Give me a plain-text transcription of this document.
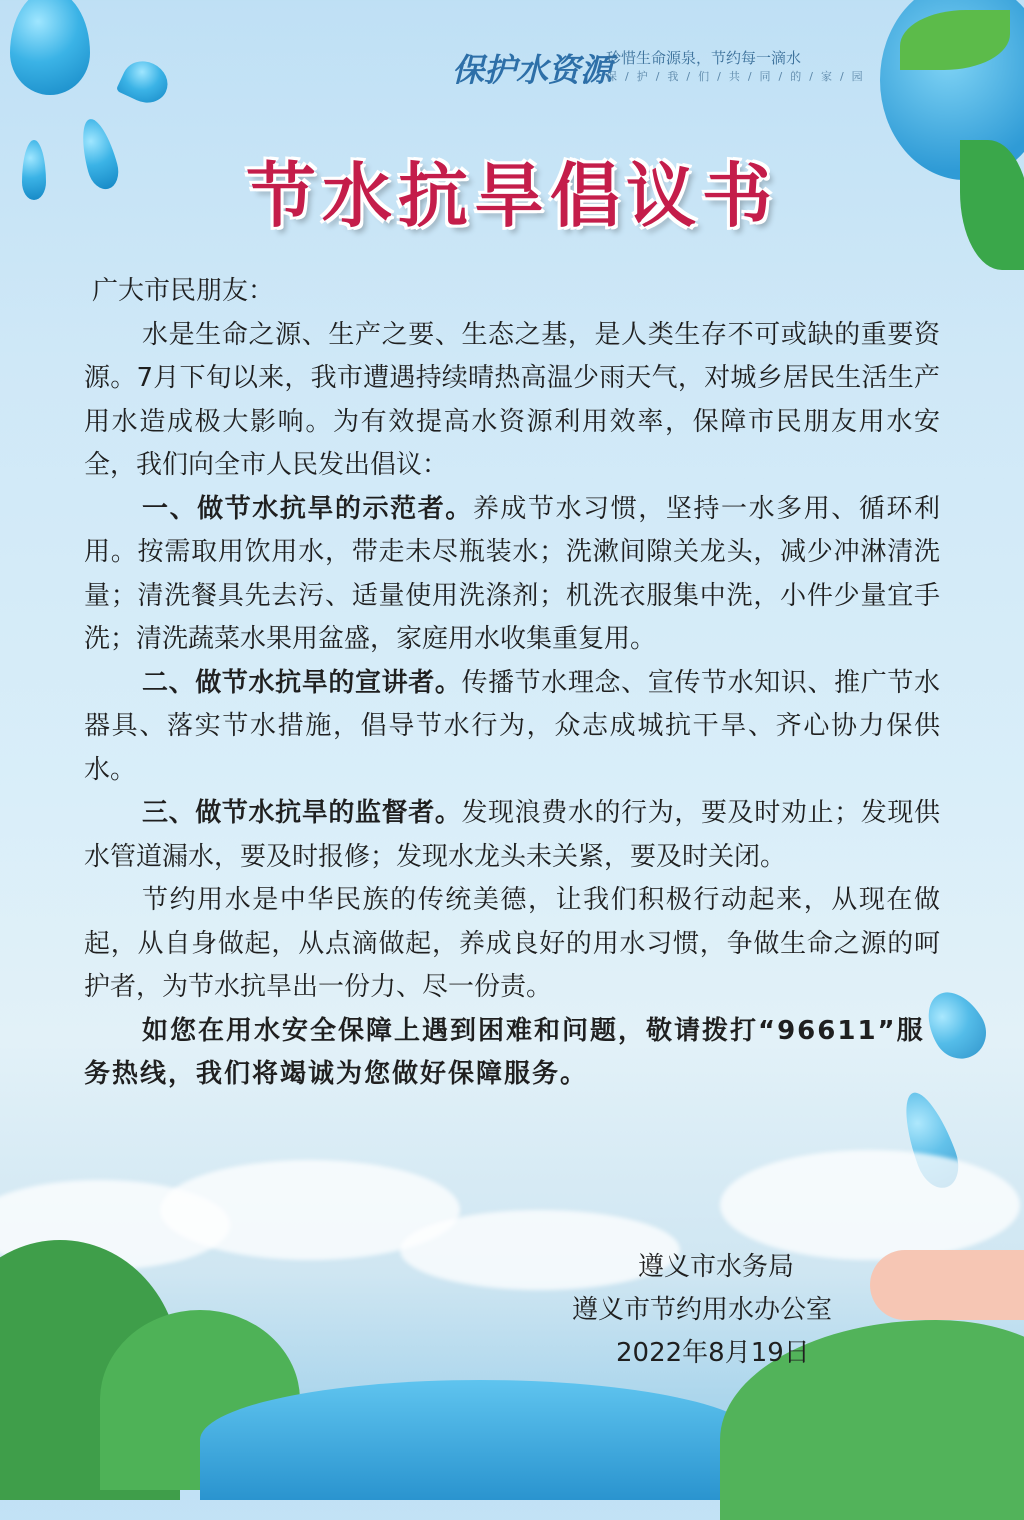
保护水资源
珍惜生命源泉，节约每一滴水
保/护/我/们/共/同/的/家/园
节水抗旱倡议书

广大市民朋友：

水是生命之源、生产之要、生态之基，是人类生存不可或缺的重要资源。7月下旬以来，我市遭遇持续晴热高温少雨天气，对城乡居民生活生产用水造成极大影响。为有效提高水资源利用效率，保障市民朋友用水安全，我们向全市人民发出倡议：

一、做节水抗旱的示范者。养成节水习惯，坚持一水多用、循环利用。按需取用饮用水，带走未尽瓶装水；洗漱间隙关龙头，减少冲淋清洗量；清洗餐具先去污、适量使用洗涤剂；机洗衣服集中洗，小件少量宜手洗；清洗蔬菜水果用盆盛，家庭用水收集重复用。

二、做节水抗旱的宣讲者。传播节水理念、宣传节水知识、推广节水器具、落实节水措施，倡导节水行为，众志成城抗干旱、齐心协力保供水。

三、做节水抗旱的监督者。发现浪费水的行为，要及时劝止；发现供水管道漏水，要及时报修；发现水龙头未关紧，要及时关闭。

节约用水是中华民族的传统美德，让我们积极行动起来，从现在做起，从自身做起，从点滴做起，养成良好的用水习惯，争做生命之源的呵护者，为节水抗旱出一份力、尽一份责。

如您在用水安全保障上遇到困难和问题，敬请拨打“96611”服务热线，我们将竭诚为您做好保障服务。

遵义市水务局
遵义市节约用水办公室
2022年8月19日
